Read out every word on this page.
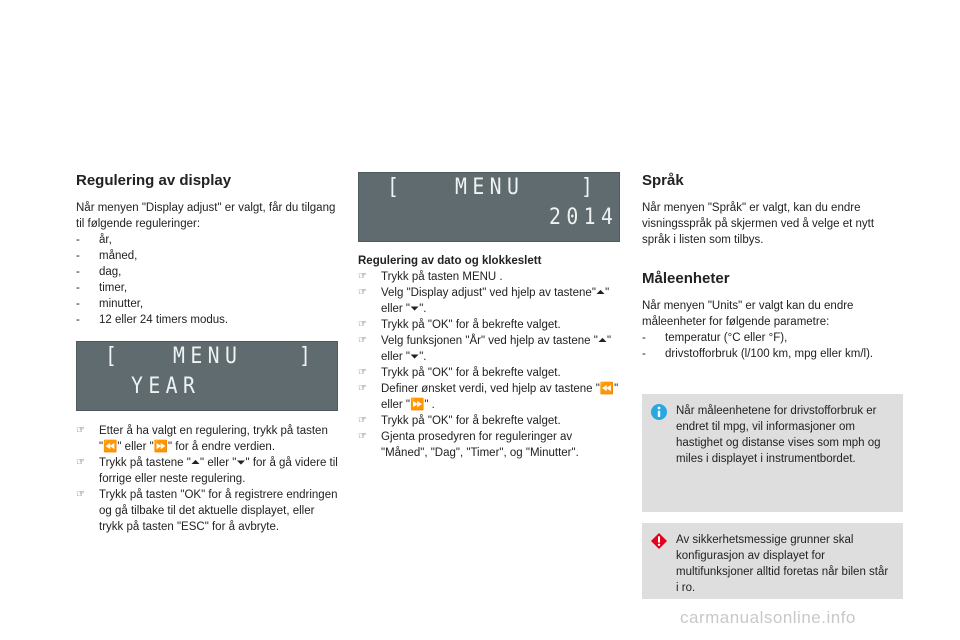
Regulering av display

Når menyen "Display adjust" er valgt, får du tilgang til følgende reguleringer:

- år,
- måned,
- dag,
- timer,
- minutter,
- 12 eller 24 timers modus.
[ MENU	]
YEAR
☞ Etter å ha valgt en regulering, trykk på tasten "⏪" eller "⏩" for å endre verdien.
☞ Trykk på tastene "⏶" eller "⏷" for å gå videre til forrige eller neste regulering.
☞ Trykk på tasten "OK" for å registrere endringen og gå tilbake til det aktuelle displayet, eller trykk på tasten "ESC" for å avbryte.
[ MENU	]
2014

Regulering av dato og klokkeslett

☞ Trykk på tasten MENU .
☞ Velg "Display adjust" ved hjelp av tastene"⏶" eller "⏷".
☞ Trykk på "OK" for å bekrefte valget.
☞ Velg funksjonen "År" ved hjelp av tastene "⏶" eller "⏷".
☞ Trykk på "OK" for å bekrefte valget.
☞ Definer ønsket verdi, ved hjelp av tastene "⏪" eller "⏩" .
☞ Trykk på "OK" for å bekrefte valget.
☞ Gjenta prosedyren for reguleringer av "Måned", "Dag", "Timer", og "Minutter".
Språk

Når menyen "Språk" er valgt, kan du endre visningsspråk på skjermen ved å velge et nytt språk i listen som tilbys.

Måleenheter

Når menyen "Units" er valgt kan du endre måleenheter for følgende parametre:

- temperatur (°C eller °F),
- drivstofforbruk (l/100 km, mpg eller km/l).

Når måleenhetene for drivstofforbruk er endret til mpg, vil informasjoner om hastighet og distanse vises som mph og miles i displayet i instrumentbordet.

Av sikkerhetsmessige grunner skal konfigurasjon av displayet for multifunksjoner alltid foretas når bilen står i ro.

carmanualsonline.info
